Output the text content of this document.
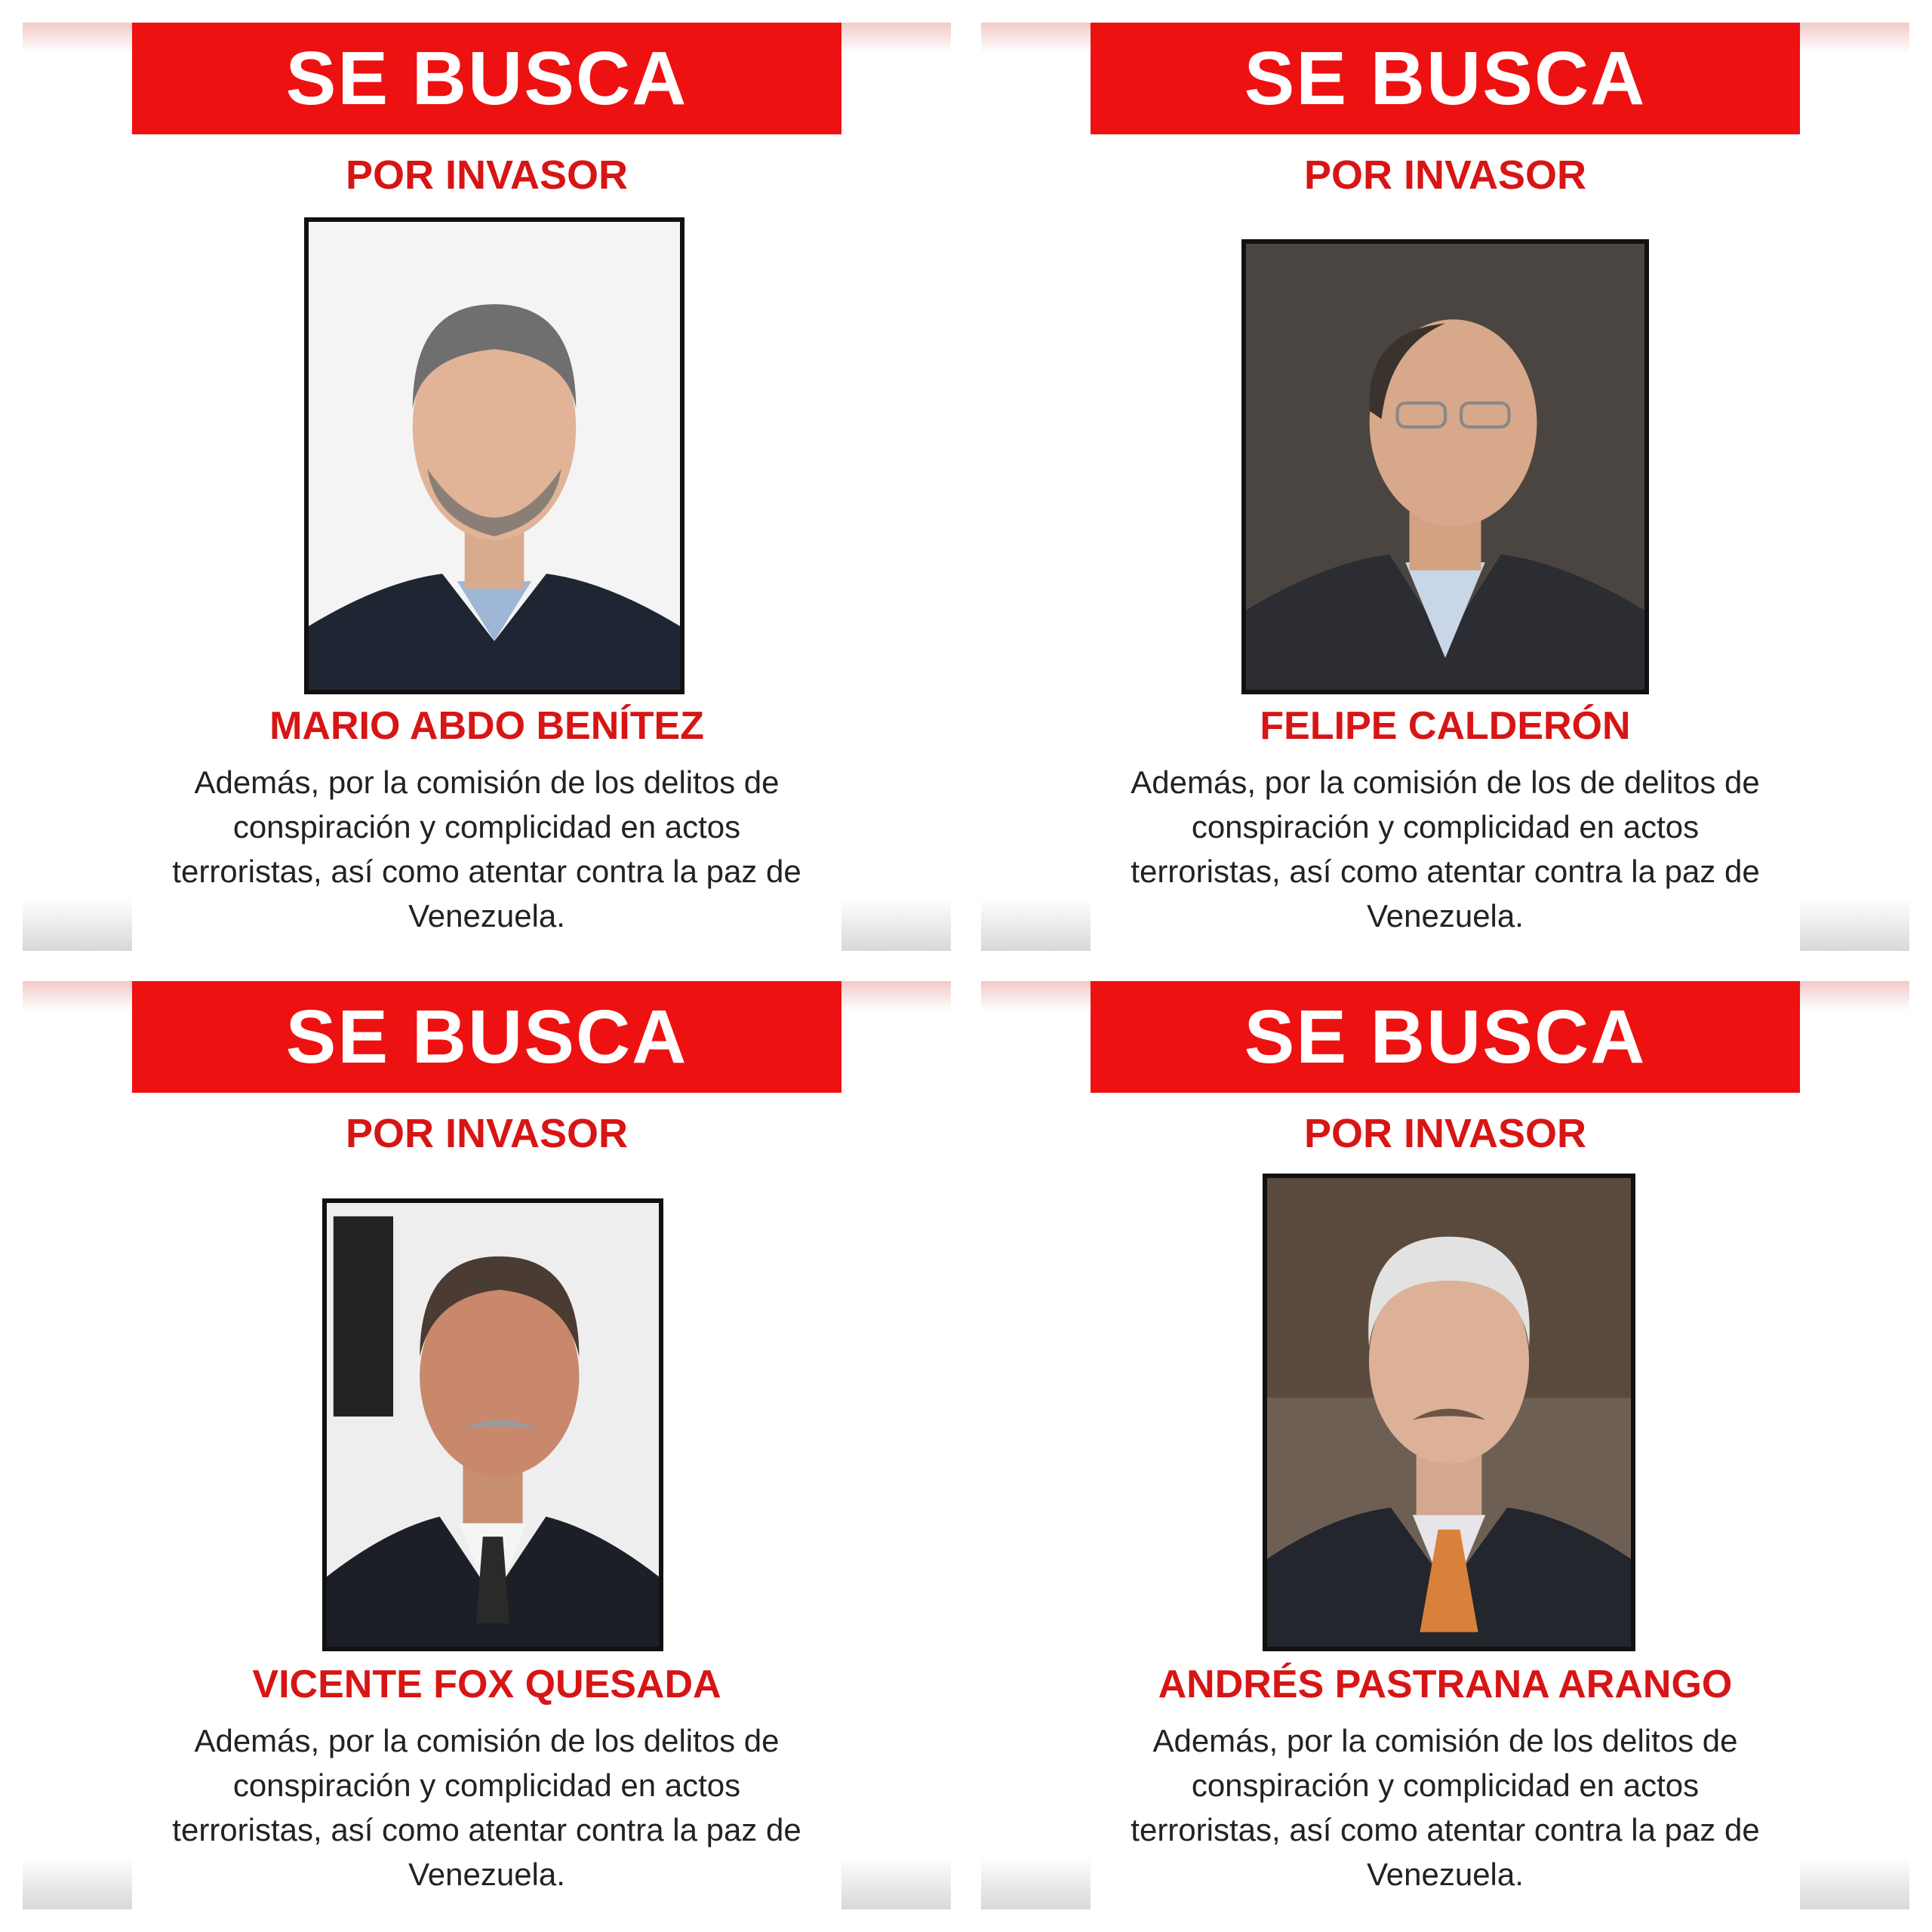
SE BUSCA
POR INVASOR
MARIO ABDO BENÍTEZ
Además, por la comisión de los delitos de conspiración y complicidad en actos terroristas, así como atentar contra la paz de Venezuela.
SE BUSCA
POR INVASOR
FELIPE CALDERÓN
Además, por la comisión de los de delitos de conspiración y complicidad en actos terroristas, así como atentar contra la paz de Venezuela.
SE BUSCA
POR INVASOR
VICENTE FOX QUESADA
Además, por la comisión de los delitos de conspiración y complicidad en actos terroristas, así como atentar contra la paz de Venezuela.
SE BUSCA
POR INVASOR
ANDRÉS PASTRANA ARANGO
Además, por la comisión de los delitos de conspiración y complicidad en actos terroristas, así como atentar contra la paz de Venezuela.
